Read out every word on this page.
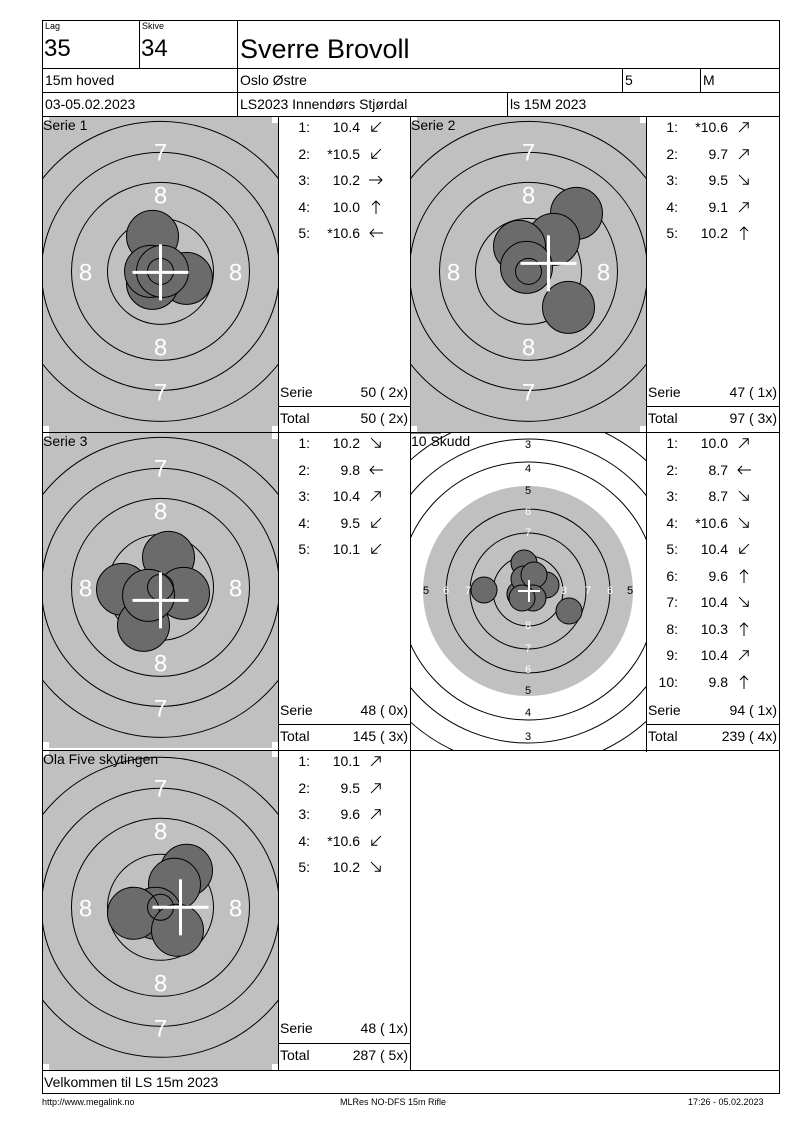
Lag
35
Skive
34	Sverre Brovoll
15m hoved	Oslo Østre	5	M
03-05.02.2023	LS2023 Innendørs Stjørdal	ls 15M 2023
7
8
8	8
8
7
Serie 1
7
8
8	8
8
7
Serie 2
7
8
8	8
8
7
Serie 3	3
3
4
4
5
5
6
6
7
7
8
5	5
6	6
7	7
8
10 Skudd
7
8
8	8
8
7
Ola Five skytingen
1:	10.4
2:	*10.5
3:	10.2
4:	10.0
5:	*10.6
1:	*10.6
2:	9.7
3:	9.5
4:	9.1
5:	10.2
1:	10.2
2:	9.8
3:	10.4
4:	9.5
5:	10.1
1:	10.0
2:	8.7
3:	8.7
4:	*10.6
5:	10.4
6:	9.6
7:	10.4
8:	10.3
9:	10.4
10:	9.8
1:	10.1
2:	9.5
3:	9.6
4:	*10.6
5:	10.2
Serie	50 ( 2x)
Total	50 ( 2x)
Serie	47 ( 1x)
Total	97 ( 3x)
Serie	48 ( 0x)
Total	145 ( 3x)
Serie	94 ( 1x)
Total	239 ( 4x)
Serie	48 ( 1x)
Total	287 ( 5x)
Velkommen til LS 15m 2023
http://www.megalink.no	MLRes NO-DFS 15m Rifle	17:26 - 05.02.2023
